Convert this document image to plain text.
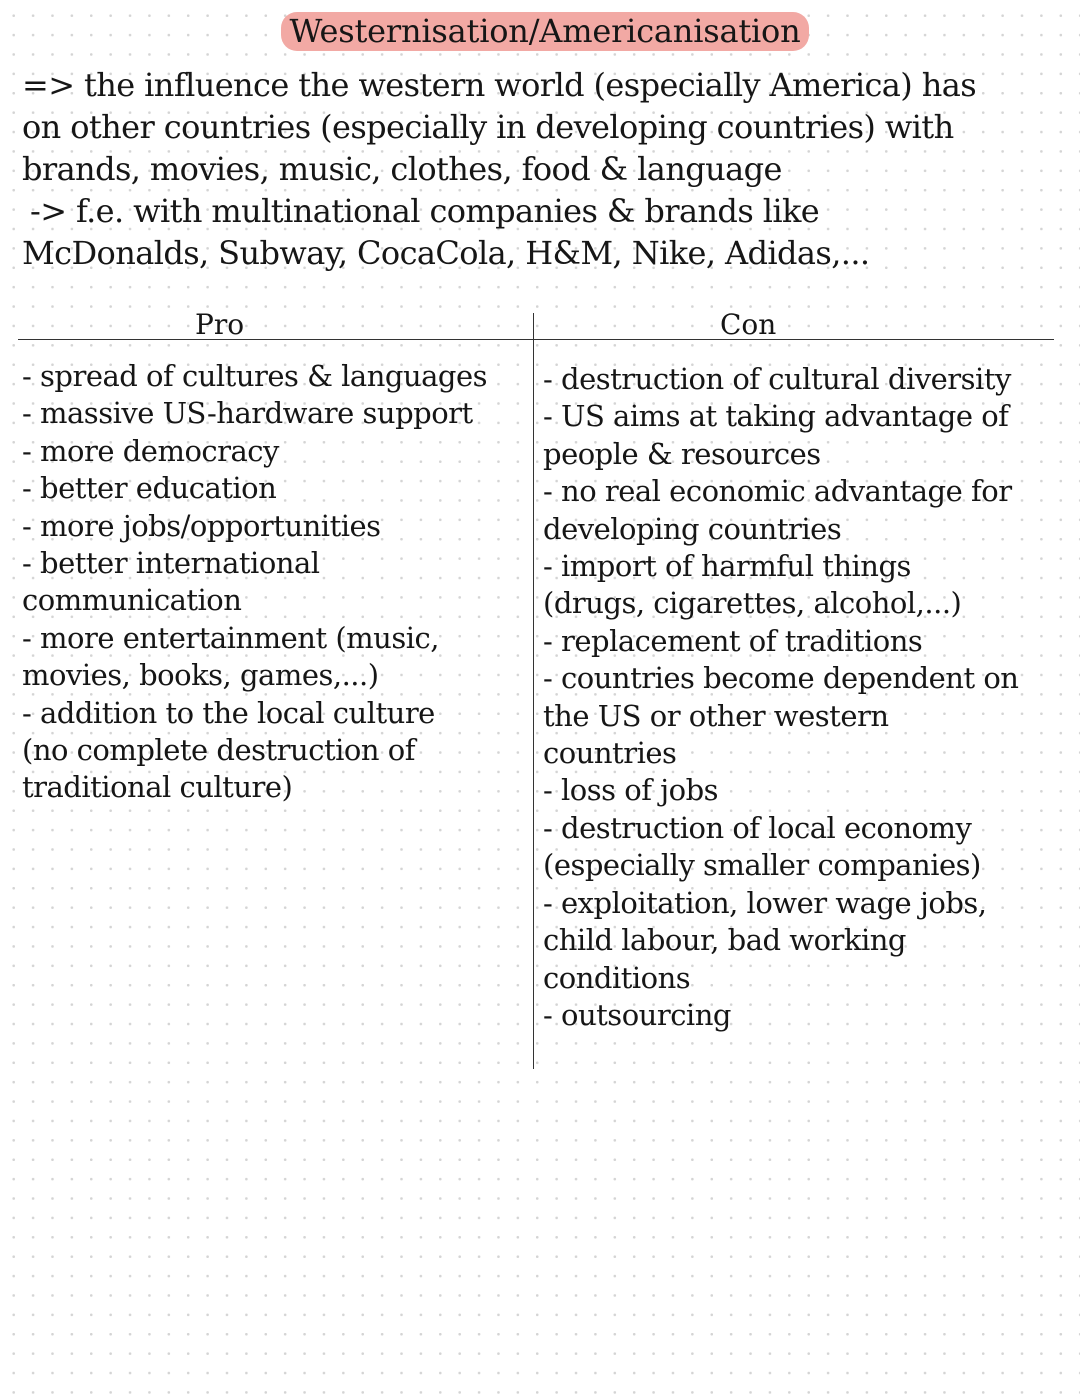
Westernisation/Americanisation

=> the influence the western world (especially America) has

on other countries (especially in developing countries) with

brands, movies, music, clothes, food & language

-> f.e. with multinational companies & brands like

McDonalds, Subway, CocaCola, H&M, Nike, Adidas,...

Pro	Con

- spread of cultures & languages

- massive US-hardware support

- more democracy

- better education

- more jobs/opportunities

- better international

communication

- more entertainment (music,

movies, books, games,...)

- addition to the local culture

(no complete destruction of

traditional culture)

- destruction of cultural diversity

- US aims at taking advantage of

people & resources

- no real economic advantage for

developing countries

- import of harmful things

(drugs, cigarettes, alcohol,...)

- replacement of traditions

- countries become dependent on

the US or other western

countries

- loss of jobs

- destruction of local economy

(especially smaller companies)

- exploitation, lower wage jobs,

child labour, bad working

conditions

- outsourcing
